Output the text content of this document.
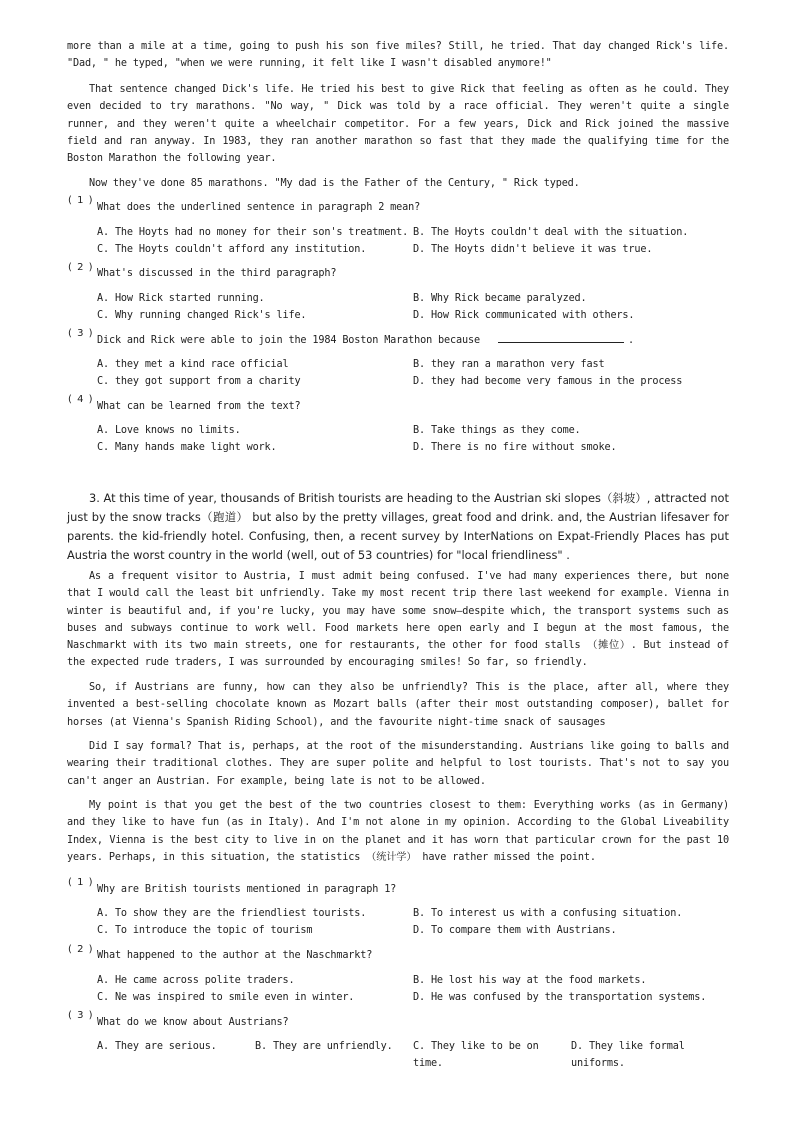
more than a mile at a time, going to push his son five miles? Still, he tried. That day changed Rick's life. "Dad, " he typed, "when we were running, it felt like I wasn't disabled anymore!"

That sentence changed Dick's life. He tried his best to give Rick that feeling as often as he could. They even decided to try marathons. "No way, " Dick was told by a race official. They weren't quite a single runner, and they weren't quite a wheelchair competitor. For a few years, Dick and Rick joined the massive field and ran anyway. In 1983, they ran another marathon so fast that they made the qualifying time for the Boston Marathon the following year.

Now they've done 85 marathons. "My dad is the Father of the Century, " Rick typed.

( 1 )
What does the underlined sentence in paragraph 2 mean?
A. The Hoyts had no money for their son's treatment. B. The Hoyts couldn't deal with the situation.
C. The Hoyts couldn't afford any institution.	D. The Hoyts didn't believe it was true.
( 2 )
What's discussed in the third paragraph?
A. How Rick started running.	B. Why Rick became paralyzed.
C. Why running changed Rick's life.	D. How Rick communicated with others.
( 3 )
Dick and Rick were able to join the 1984 Boston Marathon because	.
A. they met a kind race official	B. they ran a marathon very fast
C. they got support from a charity	D. they had become very famous in the process
( 4 )
What can be learned from the text?
A. Love knows no limits.	B. Take things as they come.
C. Many hands make light work.	D. There is no fire without smoke.

3. At this time of year, thousands of British tourists are heading to the Austrian ski slopes（斜坡）, attracted not just by the snow tracks（跑道） but also by the pretty villages, great food and drink. and, the Austrian lifesaver for parents. the kid-friendly hotel. Confusing, then, a recent survey by InterNations on Expat-Friendly Places has put Austria the worst country in the world (well, out of 53 countries) for "local friendliness" .

As a frequent visitor to Austria, I must admit being confused. I've had many experiences there, but none that I would call the least bit unfriendly. Take my most recent trip there last weekend for example. Vienna in winter is beautiful and, if you're lucky, you may have some snow—despite which, the transport systems such as buses and subways continue to work well. Food markets here open early and I begun at the most famous, the Naschmarkt with its two main streets, one for restaurants, the other for food stalls （摊位）. But instead of the expected rude traders, I was surrounded by encouraging smiles! So far, so friendly.

So, if Austrians are funny, how can they also be unfriendly? This is the place, after all, where they invented a best-selling chocolate known as Mozart balls (after their most outstanding composer), ballet for horses (at Vienna's Spanish Riding School), and the favourite night-time snack of sausages

Did I say formal? That is, perhaps, at the root of the misunderstanding. Austrians like going to balls and wearing their traditional clothes. They are super polite and helpful to lost tourists. That's not to say you can't anger an Austrian. For example, being late is not to be allowed.

My point is that you get the best of the two countries closest to them: Everything works (as in Germany) and they like to have fun (as in Italy). And I'm not alone in my opinion. According to the Global Liveability Index, Vienna is the best city to live in on the planet and it has worn that particular crown for the past 10 years. Perhaps, in this situation, the statistics （统计学） have rather missed the point.

( 1 )
Why are British tourists mentioned in paragraph 1?
A. To show they are the friendliest tourists.	B. To interest us with a confusing situation.
C. To introduce the topic of tourism	D. To compare them with Austrians.
( 2 )
What happened to the author at the Naschmarkt?
A. He came across polite traders.	B. He lost his way at the food markets.
C. Ne was inspired to smile even in winter.	D. He was confused by the transportation systems.
( 3 )
What do we know about Austrians?
A. They are serious.	B. They are unfriendly. C. They like to be on time.
D. They like formal uniforms.
